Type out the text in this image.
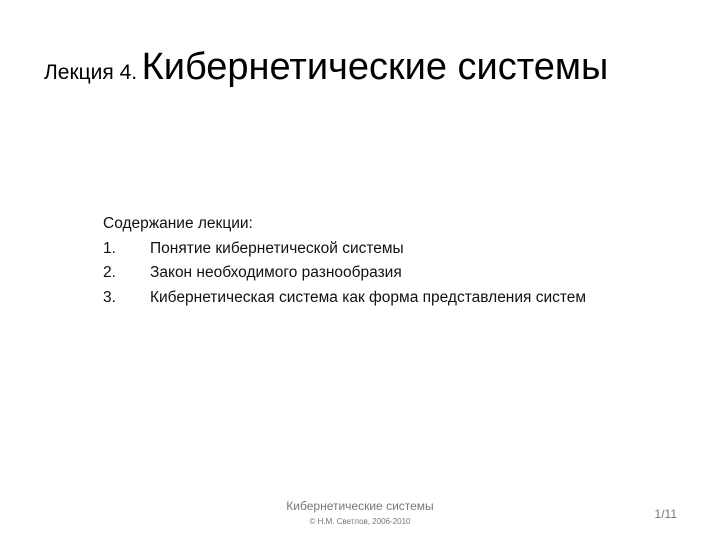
Лекция 4. Кибернетические системы
Содержание лекции:
1.	Понятие кибернетической системы
2.	Закон необходимого разнообразия
3.	Кибернетическая система как форма представления систем
Кибернетические системы
© Н.М. Светлов, 2006-2010
1/11
